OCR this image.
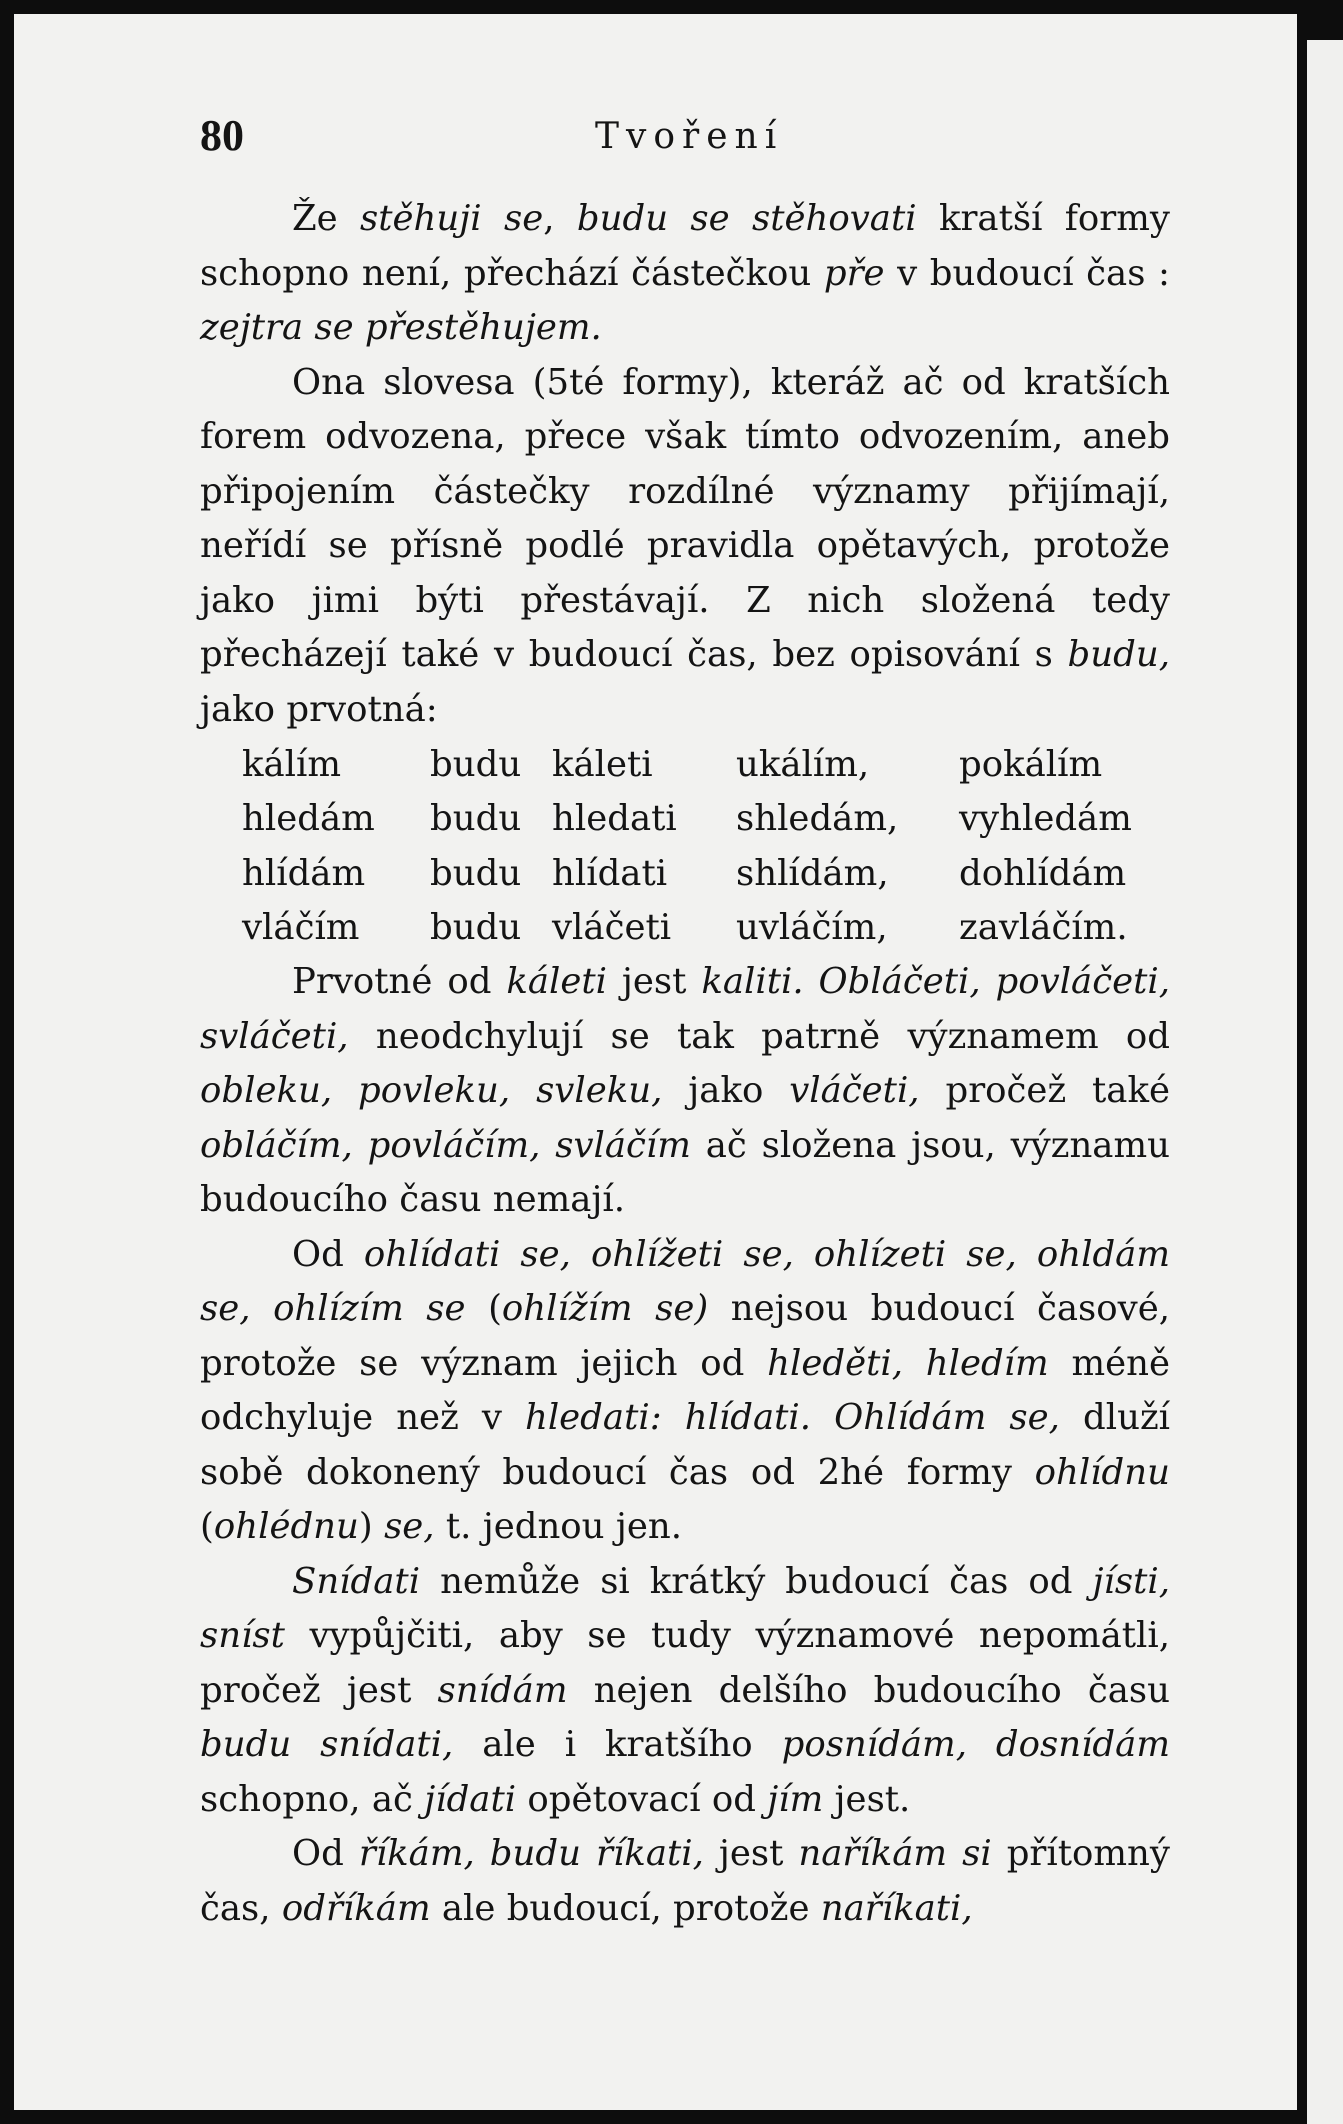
80	Tvoření

Že stěhuji se, budu se stěhovati kratší formy schopno není, přechází částečkou pře v budoucí čas : zejtra se přestěhujem.

Ona slovesa (5té formy), kteráž ač od kratších forem odvozena, přece však tímto odvozením, aneb připojením částečky rozdílné významy přijímají, neřídí se přísně podlé pravidla opětavých, protože jako jimi býti přestávají. Z nich složená tedy přecházejí také v budoucí čas, bez opisování s budu, jako prvotná:

kálím	budu	káleti	ukálím,	pokálím
hledám	budu	hledati	shledám,	vyhledám
hlídám	budu	hlídati	shlídám,	dohlídám
vláčím	budu	vláčeti	uvláčím,	zavláčím.

Prvotné od káleti jest kaliti. Obláčeti, povláčeti, svláčeti, neodchylují se tak patrně významem od obleku, povleku, svleku, jako vláčeti, pročež také obláčím, povláčím, svláčím ač složena jsou, významu budoucího času nemají.

Od ohlídati se, ohlížeti se, ohlízeti se, ohldám se, ohlízím se (ohlížím se) nejsou budoucí časové, protože se význam jejich od hleděti, hledím méně odchyluje než v hledati: hlídati. Ohlídám se, dluží sobě dokonený budoucí čas od 2hé formy ohlídnu (ohlédnu) se, t. jednou jen.

Snídati nemůže si krátký budoucí čas od jísti, sníst vypůjčiti, aby se tudy významové nepomátli, pročež jest snídám nejen delšího budoucího času budu snídati, ale i kratšího posnídám, dosnídám schopno, ač jídati opětovací od jím jest.

Od říkám, budu říkati, jest naříkám si přítomný čas, odříkám ale budoucí, protože naříkati,
